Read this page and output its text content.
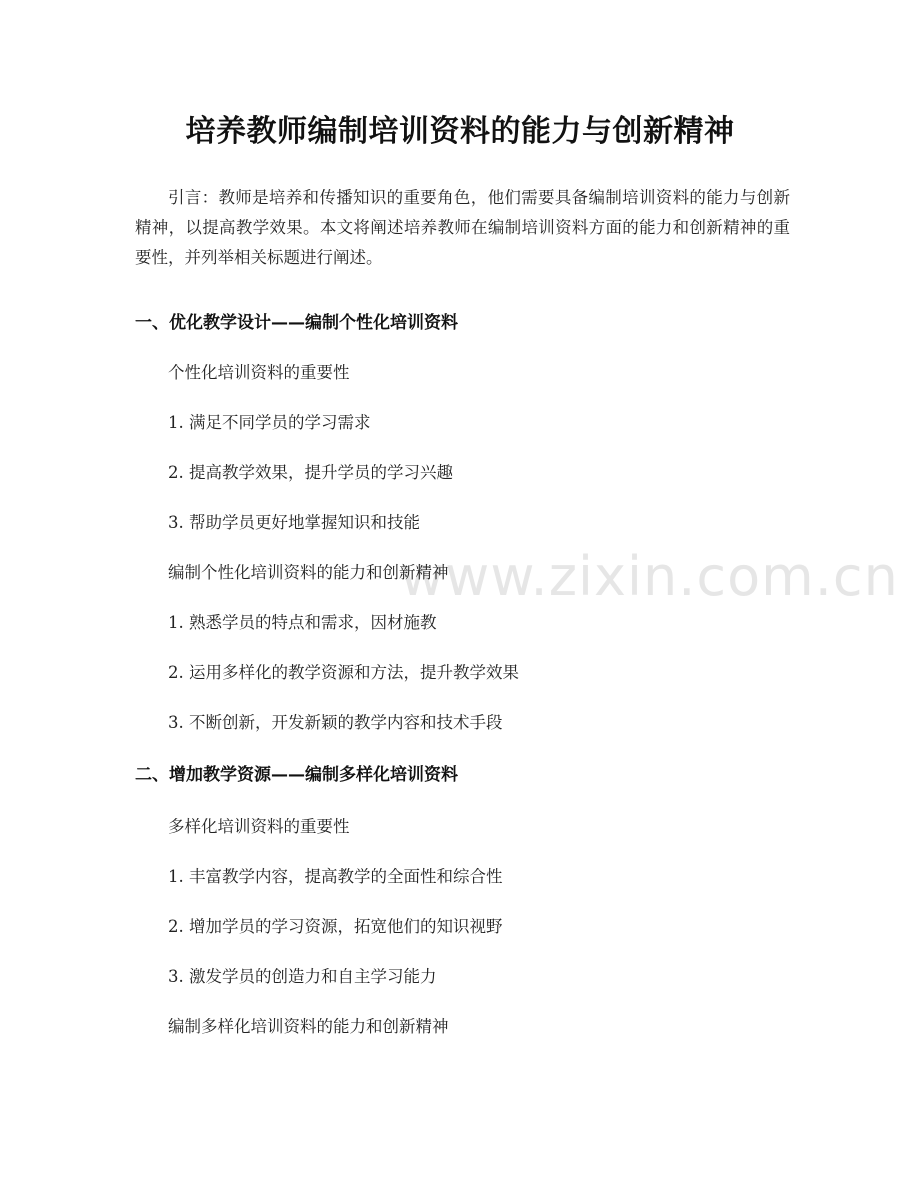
www.zixin.com.cn
培养教师编制培训资料的能力与创新精神
引言：教师是培养和传播知识的重要角色，他们需要具备编制培训资料的能力与创新精神，以提高教学效果。本文将阐述培养教师在编制培训资料方面的能力和创新精神的重要性，并列举相关标题进行阐述。
一、优化教学设计——编制个性化培训资料
个性化培训资料的重要性
1. 满足不同学员的学习需求
2. 提高教学效果，提升学员的学习兴趣
3. 帮助学员更好地掌握知识和技能
编制个性化培训资料的能力和创新精神
1. 熟悉学员的特点和需求，因材施教
2. 运用多样化的教学资源和方法，提升教学效果
3. 不断创新，开发新颖的教学内容和技术手段
二、增加教学资源——编制多样化培训资料
多样化培训资料的重要性
1. 丰富教学内容，提高教学的全面性和综合性
2. 增加学员的学习资源，拓宽他们的知识视野
3. 激发学员的创造力和自主学习能力
编制多样化培训资料的能力和创新精神
